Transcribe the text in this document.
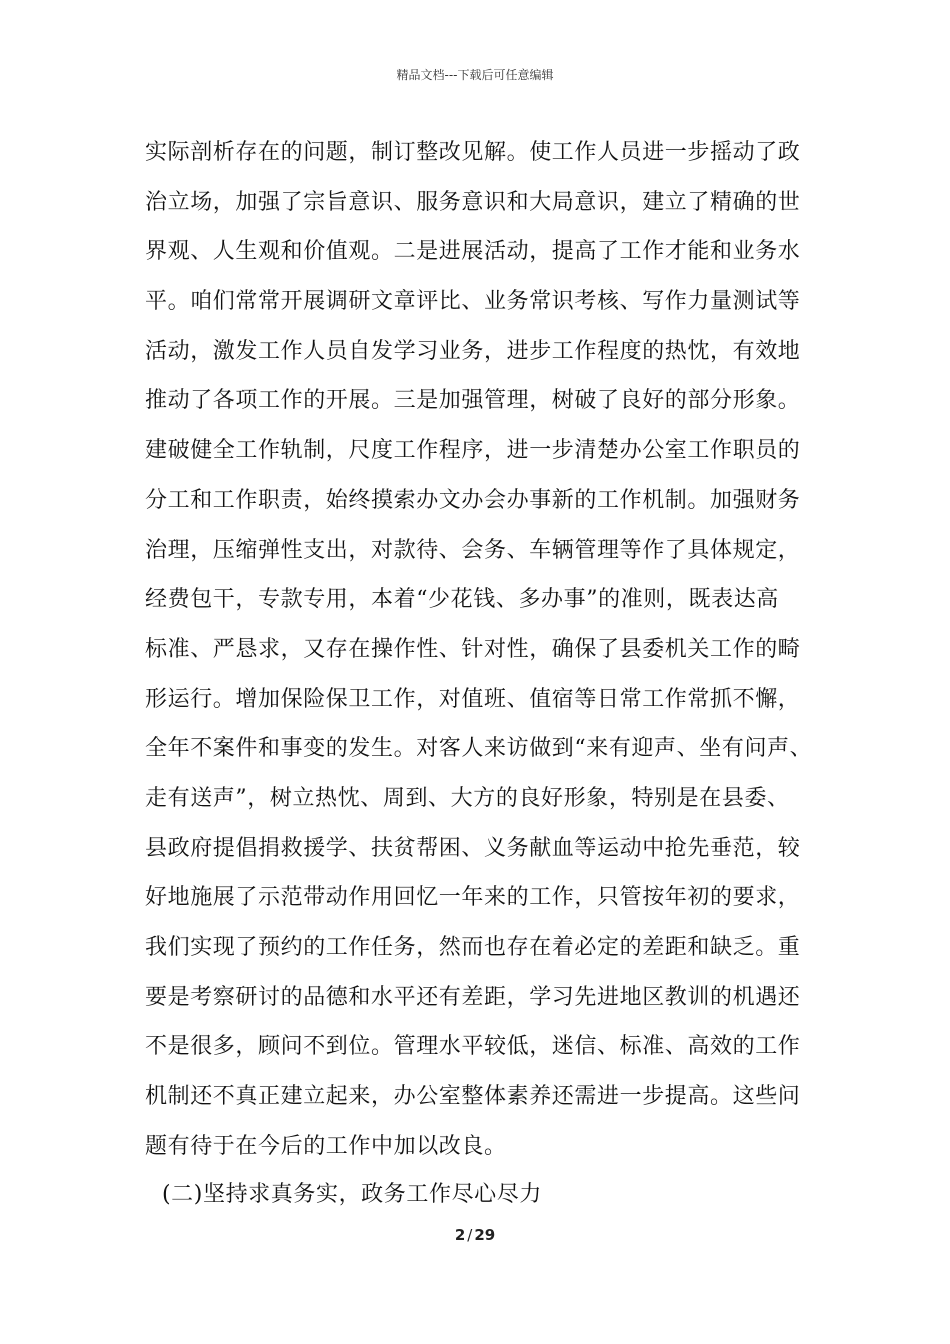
精品文档---下载后可任意编辑
实际剖析存在的问题，制订整改见解。使工作人员进一步摇动了政
治立场，加强了宗旨意识、服务意识和大局意识，建立了精确的世
界观、人生观和价值观。二是进展活动，提高了工作才能和业务水
平。咱们常常开展调研文章评比、业务常识考核、写作力量测试等
活动，激发工作人员自发学习业务，进步工作程度的热忱，有效地
推动了各项工作的开展。三是加强管理，树破了良好的部分形象。
建破健全工作轨制，尺度工作程序，进一步清楚办公室工作职员的
分工和工作职责，始终摸索办文办会办事新的工作机制。加强财务
治理，压缩弹性支出，对款待、会务、车辆管理等作了具体规定，
经费包干，专款专用，本着“少花钱、多办事”的准则，既表达高
标准、严恳求，又存在操作性、针对性，确保了县委机关工作的畸
形运行。增加保险保卫工作，对值班、值宿等日常工作常抓不懈，
全年不案件和事变的发生。对客人来访做到“来有迎声、坐有问声、
走有送声”，树立热忱、周到、大方的良好形象，特别是在县委、
县政府提倡捐救援学、扶贫帮困、义务献血等运动中抢先垂范，较
好地施展了示范带动作用回忆一年来的工作，只管按年初的要求，
我们实现了预约的工作任务，然而也存在着必定的差距和缺乏。重
要是考察研讨的品德和水平还有差距，学习先进地区教训的机遇还
不是很多，顾问不到位。管理水平较低，迷信、标准、高效的工作
机制还不真正建立起来，办公室整体素养还需进一步提高。这些问
题有待于在今后的工作中加以改良。
(二)坚持求真务实，政务工作尽心尽力
2 / 29
